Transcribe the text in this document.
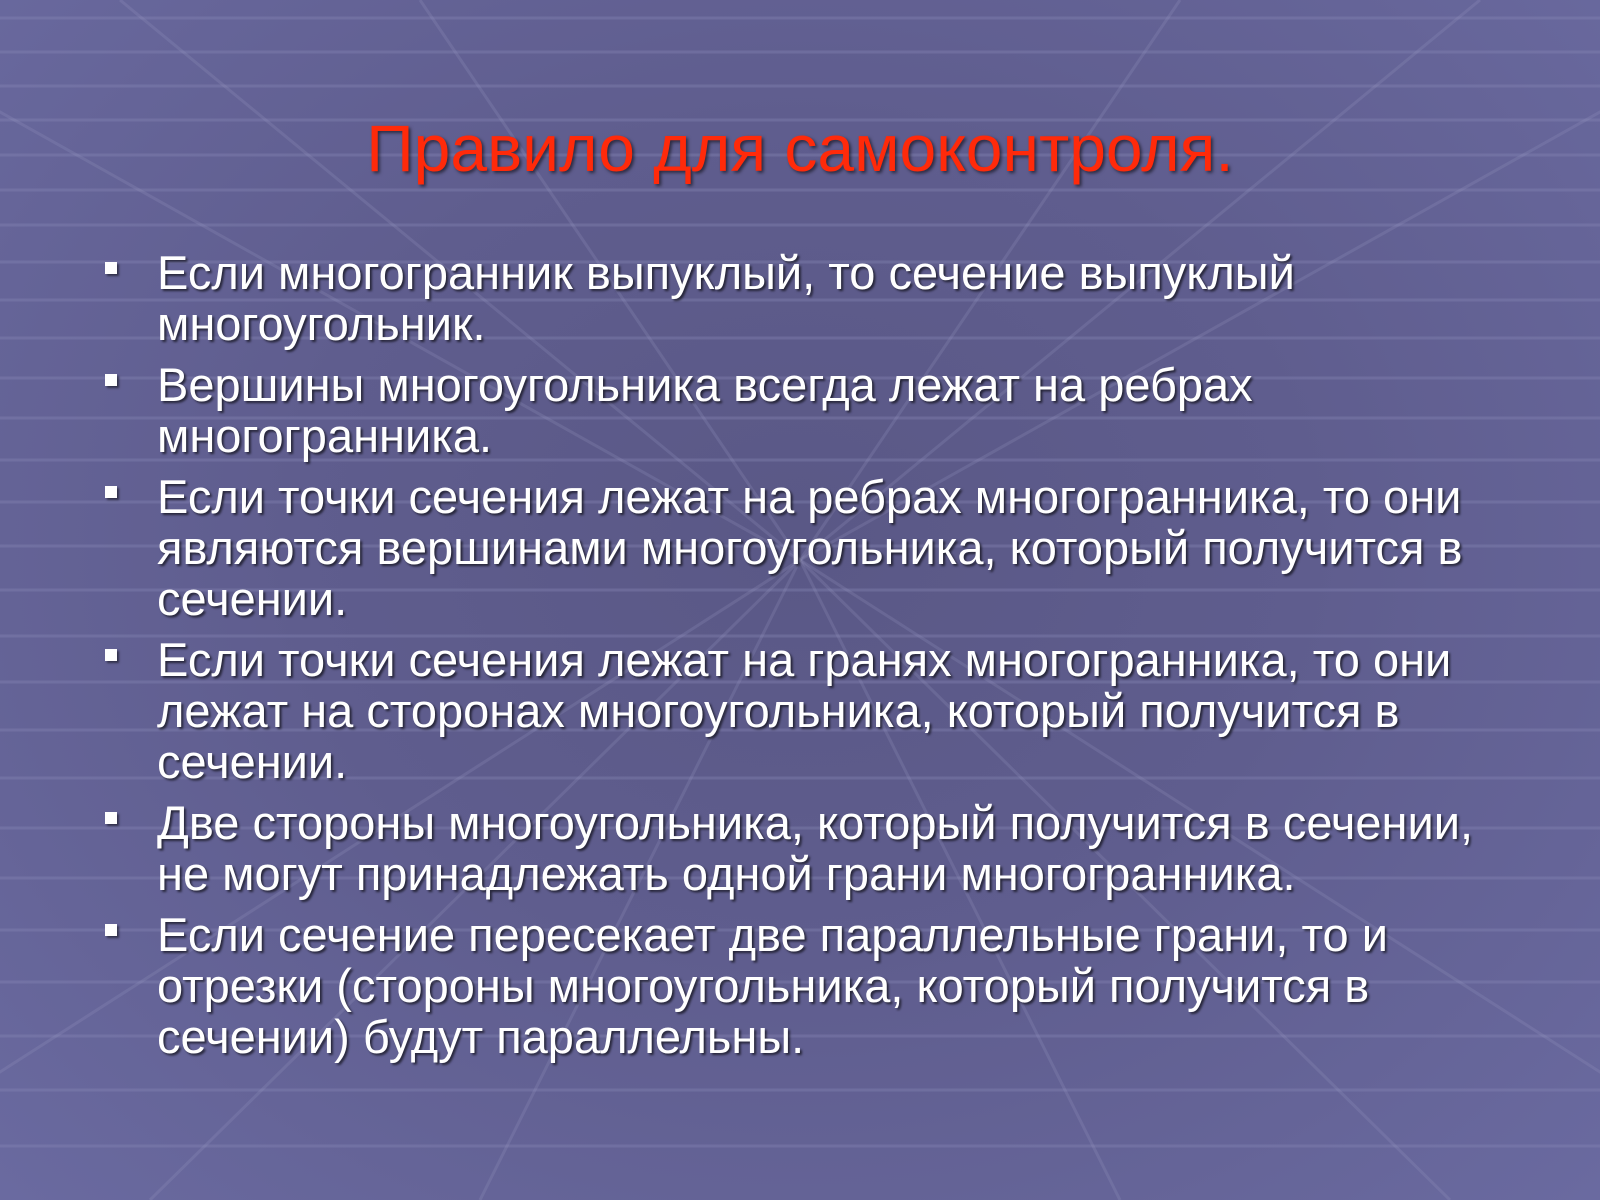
Правило для самоконтроля.
Если многогранник выпуклый, то сечение выпуклый многоугольник.
Вершины многоугольника всегда лежат на ребрах многогранника.
Если точки сечения лежат на ребрах многогранника, то они являются вершинами многоугольника, который получится в сечении.
Если точки сечения лежат на гранях многогранника, то они лежат на сторонах многоугольника, который получится в сечении.
Две стороны многоугольника, который получится в сечении, не могут принадлежать одной грани многогранника.
Если сечение пересекает две параллельные грани, то и отрезки (стороны многоугольника, который получится в сечении) будут параллельны.
